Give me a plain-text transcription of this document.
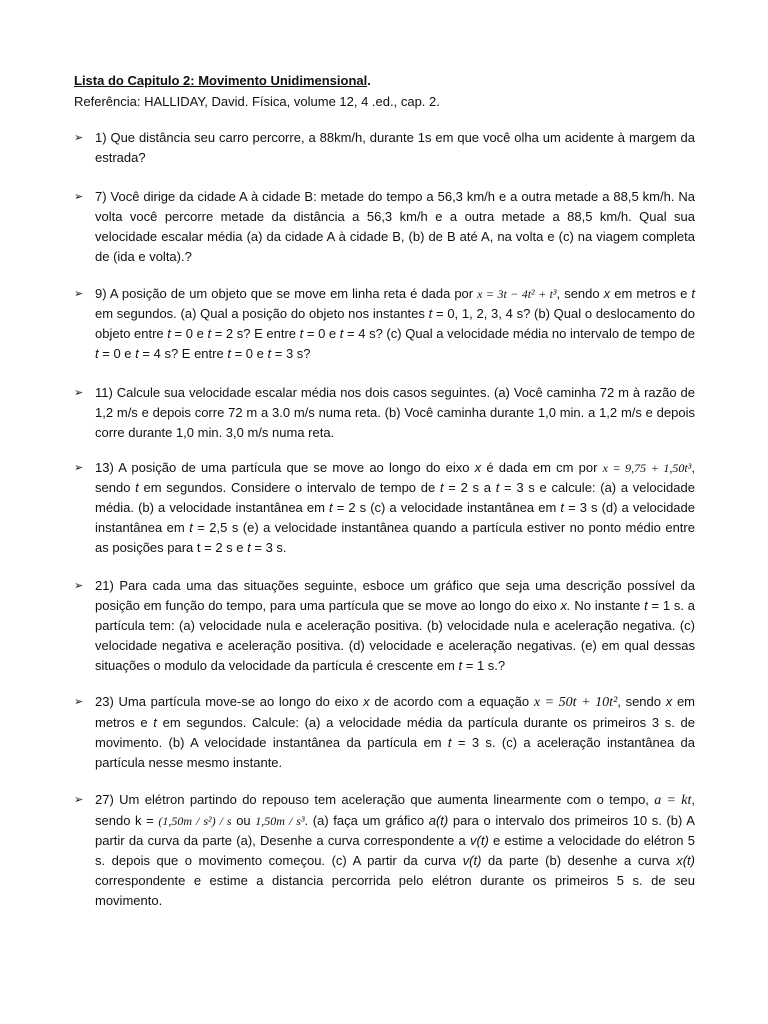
Lista do Capitulo 2: Movimento Unidimensional.
Referência: HALLIDAY, David. Física, volume 12, 4 .ed., cap. 2.
➢ 1) Que distância seu carro percorre, a 88km/h, durante 1s em que você olha um acidente à margem da estrada?
➢ 7) Você dirige da cidade A à cidade B: metade do tempo a 56,3 km/h e a outra metade a 88,5 km/h. Na volta você percorre metade da distância a 56,3 km/h e a outra metade a 88,5 km/h. Qual sua velocidade escalar média (a) da cidade A à cidade B, (b) de B até A, na volta e (c) na viagem completa de (ida e volta).?
➢ 9) A posição de um objeto que se move em linha reta é dada por x = 3t − 4t² + t³, sendo x em metros e t em segundos. (a) Qual a posição do objeto nos instantes t = 0, 1, 2, 3, 4 s? (b) Qual o deslocamento do objeto entre t = 0 e t = 2 s? E entre t = 0 e t = 4 s? (c) Qual a velocidade média no intervalo de tempo de t = 0 e t = 4 s? E entre t = 0 e t = 3 s?
➢ 11) Calcule sua velocidade escalar média nos dois casos seguintes. (a) Você caminha 72 m à razão de 1,2 m/s e depois corre 72 m a 3.0 m/s numa reta. (b) Você caminha durante 1,0 min. a 1,2 m/s e depois corre durante 1,0 min. 3,0 m/s numa reta.
➢ 13) A posição de uma partícula que se move ao longo do eixo x é dada em cm por x = 9,75 + 1,50t³, sendo t em segundos. Considere o intervalo de tempo de t = 2 s a t = 3 s e calcule: (a) a velocidade média. (b) a velocidade instantânea em t = 2 s (c) a velocidade instantânea em t = 3 s (d) a velocidade instantânea em t = 2,5 s (e) a velocidade instantânea quando a partícula estiver no ponto médio entre as posições para t = 2 s e t = 3 s.
➢ 21) Para cada uma das situações seguinte, esboce um gráfico que seja uma descrição possível da posição em função do tempo, para uma partícula que se move ao longo do eixo x. No instante t = 1 s. a partícula tem: (a) velocidade nula e aceleração positiva. (b) velocidade nula e aceleração negativa. (c) velocidade negativa e aceleração positiva. (d) velocidade e aceleração negativas. (e) em qual dessas situações o modulo da velocidade da partícula é crescente em t = 1 s.?
➢ 23) Uma partícula move-se ao longo do eixo x de acordo com a equação x = 50t + 10t², sendo x em metros e t em segundos. Calcule: (a) a velocidade média da partícula durante os primeiros 3 s. de movimento. (b) A velocidade instantânea da partícula em t = 3 s. (c) a aceleração instantânea da partícula nesse mesmo instante.
➢ 27) Um elétron partindo do repouso tem aceleração que aumenta linearmente com o tempo, a = kt, sendo k = (1,50m / s²) / s ou 1,50m / s³. (a) faça um gráfico a(t) para o intervalo dos primeiros 10 s. (b) A partir da curva da parte (a), Desenhe a curva correspondente a v(t) e estime a velocidade do elétron 5 s. depois que o movimento começou. (c) A partir da curva v(t) da parte (b) desenhe a curva x(t) correspondente e estime a distancia percorrida pelo elétron durante os primeiros 5 s. de seu movimento.
